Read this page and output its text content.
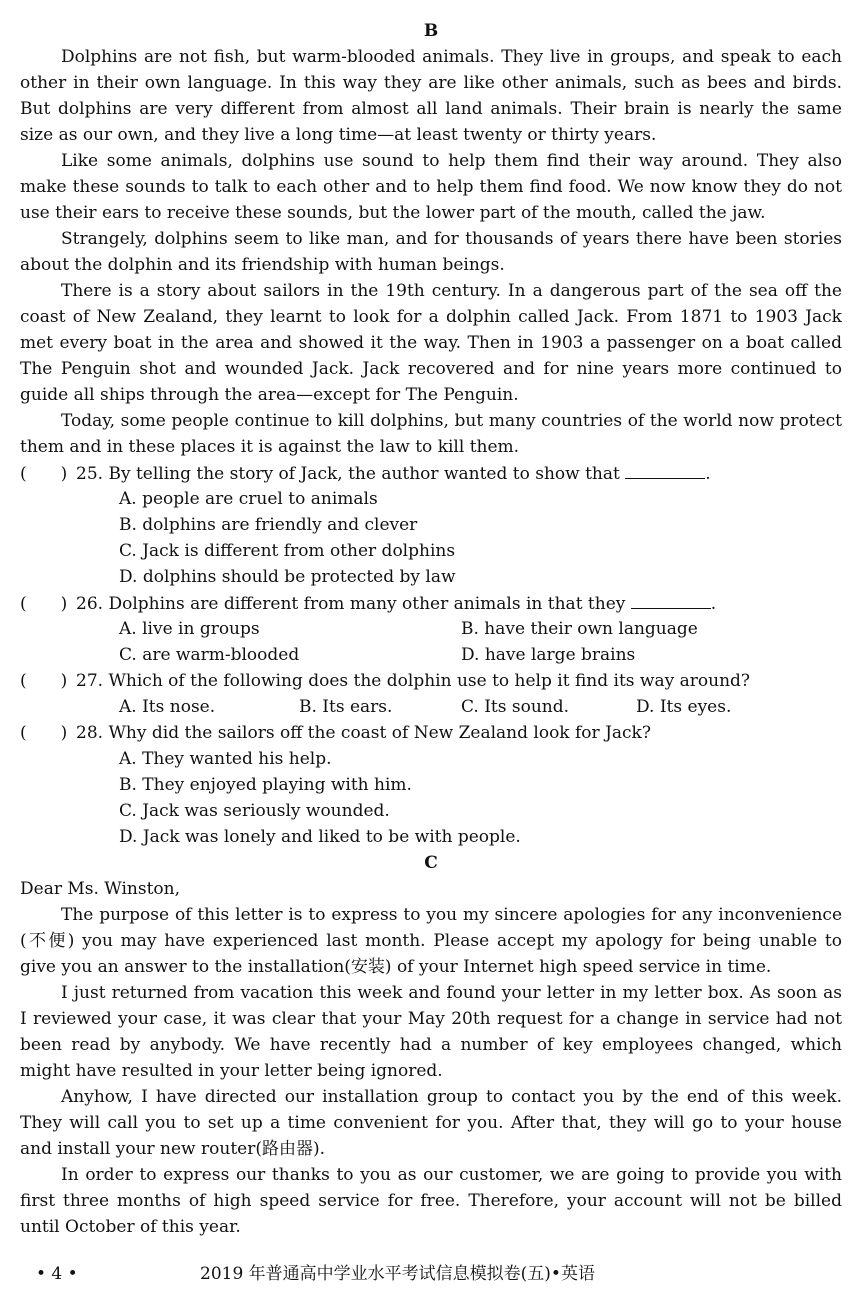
B

Dolphins are not fish, but warm-blooded animals. They live in groups, and speak to each other in their own language. In this way they are like other animals, such as bees and birds. But dolphins are very different from almost all land animals. Their brain is nearly the same size as our own, and they live a long time—at least twenty or thirty years.

Like some animals, dolphins use sound to help them find their way around. They also make these sounds to talk to each other and to help them find food. We now know they do not use their ears to receive these sounds, but the lower part of the mouth, called the jaw.

Strangely, dolphins seem to like man, and for thousands of years there have been stories about the dolphin and its friendship with human beings.

There is a story about sailors in the 19th century. In a dangerous part of the sea off the coast of New Zealand, they learnt to look for a dolphin called Jack. From 1871 to 1903 Jack met every boat in the area and showed it the way. Then in 1903 a passenger on a boat called The Penguin shot and wounded Jack. Jack recovered and for nine years more continued to guide all ships through the area—except for The Penguin.

Today, some people continue to kill dolphins, but many countries of the world now protect them and in these places it is against the law to kill them.

(　　) 25. By telling the story of Jack, the author wanted to show that	.
A. people are cruel to animals
B. dolphins are friendly and clever
C. Jack is different from other dolphins
D. dolphins should be protected by law
(　　) 26. Dolphins are different from many other animals in that they	.
A. live in groups	B. have their own language
C. are warm-blooded	D. have large brains
(　　) 27. Which of the following does the dolphin use to help it find its way around?
A. Its nose.	B. Its ears.	C. Its sound.	D. Its eyes.
(　　) 28. Why did the sailors off the coast of New Zealand look for Jack?
A. They wanted his help.
B. They enjoyed playing with him.
C. Jack was seriously wounded.
D. Jack was lonely and liked to be with people.
C

Dear Ms. Winston,

The purpose of this letter is to express to you my sincere apologies for any inconvenience (不便) you may have experienced last month. Please accept my apology for being unable to give you an answer to the installation(安装) of your Internet high speed service in time.

I just returned from vacation this week and found your letter in my letter box. As soon as I reviewed your case, it was clear that your May 20th request for a change in service had not been read by anybody. We have recently had a number of key employees changed, which might have resulted in your letter being ignored.

Anyhow, I have directed our installation group to contact you by the end of this week. They will call you to set up a time convenient for you. After that, they will go to your house and install your new router(路由器).

In order to express our thanks to you as our customer, we are going to provide you with first three months of high speed service for free. Therefore, your account will not be billed until October of this year.

• 4 •	2019 年普通高中学业水平考试信息模拟卷(五)•英语
